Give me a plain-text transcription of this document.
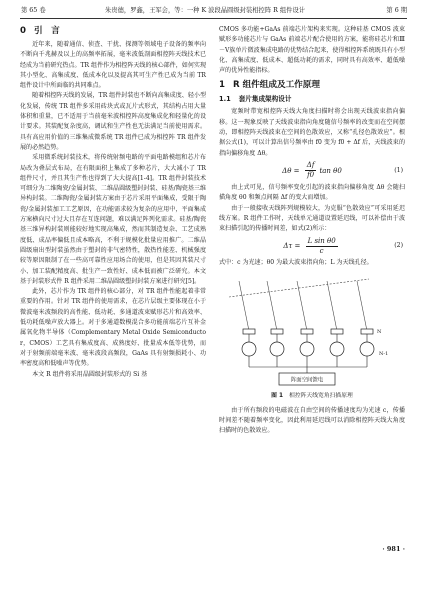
第 65 卷	朱贵德，罗鑫，王军会，等：一种 K 波段晶圆级封装相控阵 R 组件设计	第 6 期
0 引　言

近年来，随着通信、侦查、干扰、探测等领域电子设备的频率向不断向千兆赫及以上的高频率拓展，毫米波低剖面相控阵天线技术已经成为当前研究热点。TR 组件作为相控阵天线的核心部件，如何实现其小型化、高集成度、低成本化以及提高其可生产性已成为当前 TR 组件设计中所面临的共同难点。

随着相控阵天线的发展，TR 组件封装也不断向高集成度、轻小型化发展，传统 TR 组件多采用砖块式或瓦片式形式，其结构占用大量体积和重量，已不适用于当前毫米波相控阵高度集成化和轻量化的设计要求。其装配复杂度高，调试和生产性也无法满足当前使用需求。具有高应用价值的三维集成微系统 TR 组件已成为相控阵 TR 组件发展的必然趋势。

采用微系统封装技术，将传统射频电路的平面电路模组和芯片布局改为叠层式布局，在有限面积上集成了多种芯片，大大减小了 TR 组件尺寸，并且其生产性也得到了大大提高[1-4]。TR 组件封装技术可细分为二维陶瓷/金属封装、二维晶圆级塑封封装、硅基/陶瓷基三维异构封装。二维陶瓷/金属封装方案由于芯片采用平面集成，受限于陶瓷/金属封装加工工艺原因，在功能需求较为复杂的应用中，平面集成方案横向尺寸过大且存在互连问题，难以满足阵列化需求。硅基/陶瓷基三维异构封装则能较好地实现高集成，然而其制造复杂、工艺成熟度低、成品率偏低且成本略高，不利于规模化批量应用推广。二维晶圆级扇出型封装虽然由于塑封的非气密特性，散热性能差、机械强度较等原因限制了在一些高可靠性应用场合的使用，但是其因其装尺寸小、加工装配精度高、批生产一致性好、成本低而被广泛研究。本文基于封装形式件 R 组件采用二维晶圆级塑封封装方案进行研究[5]。

此外，芯片作为 TR 组件的核心部分，对 TR 组件性能起着非常重要的作用。针对 TR 组件的使用需求，在芯片层级主要体现在小于微波毫米波频段的高性能、低功耗、多通道波束赋形芯片和高效率、低功耗低噪声放大器上。对于多通道数模混合多功能前端芯片互补金属氧化物半导体（Complementary Metal Oxide Semiconductor，CMOS）工艺具有集成度高、成熟度好、批量成本低等优势，而对于射频前端毫米波、毫米波段高频段，GaAs 具有射频损耗小、功率密度高和低噪声等优势。

本文 R 组件将采用晶圆级封装形式的 Si 基

CMOS 多功能+GaAs 前端芯片架构来实现。这种硅基 CMOS 波束赋形多功能芯片与 GaAs 前端芯片配合使用的方案，能将硅芯片和Ⅲ－Ⅴ族单片微波集成电路的优势结合起来，使得相控阵系统既具有小型化、高集成度、低成本、超低功耗的需求，同时具有高效率、超低噪声的优异性能指标。

1 R 组件组成及工作原理
1.1 套片集成架构设计

宽频时带宽相控阵天线大角度扫描时将会出现天线波束指向偏移。这一现象反映了天线波束指向角度随信号频率的改变而在空间摆动，即相控阵天线波束在空间的色散效应，又称“孔径色散效应”。根据公式(1)，可以计算出信号频率由 f0 变为 f0 + Δf 后，天线波束的指向偏移角度 Δθ。

$\Delta\theta = \frac{\Delta f}{f0}$ tan θ0	(1)

由上式可见，信号频率变化引起的波束指向偏移角度 Δθ 会随扫描角度 θ0 和频点间隔 Δf 的变大而增加。

由于一般接收天线阵列规模较大，为克服“色散效应”可采用延迟线方案。R 组件工作时，天线单元通道设置延迟线，可以补偿由于波束扫描引起的传播时间差，如式(2)所示：

$\Delta\tau = \frac{\text{L sin θ0}}{c}$	(2)

式中：c 为光速；θ0 为最大波束指向角；L 为天线孔径。

N
N-1
阵面空间馈电
图 1 相控阵天线宽角扫描原理

由于所有频段的电磁波在自由空间的传播速度均为光速 c，传播时间差不随着频率变化，因此利用延迟线可以消除相控阵天线大角度扫描时的色散效应。

· 981 ·
